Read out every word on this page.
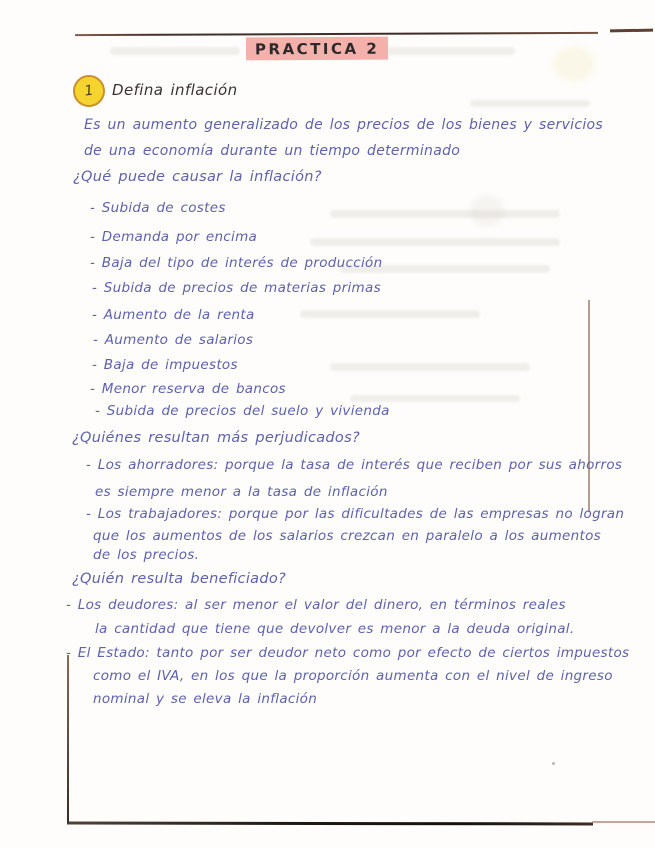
PRACTICA 2
1 Defina inflación
Es un aumento generalizado de los precios de los bienes y servicios
de una economía durante un tiempo determinado
¿Qué puede causar la inflación?
- Subida de costes
- Demanda por encima
- Baja del tipo de interés de producción
- Subida de precios de materias primas
- Aumento de la renta
- Aumento de salarios
- Baja de impuestos
- Menor reserva de bancos
- Subida de precios del suelo y vivienda
¿Quiénes resultan más perjudicados?
- Los ahorradores: porque la tasa de interés que reciben por sus ahorros
es siempre menor a la tasa de inflación
- Los trabajadores: porque por las dificultades de las empresas no logran
que los aumentos de los salarios crezcan en paralelo a los aumentos
de los precios.
¿Quién resulta beneficiado?
- Los deudores: al ser menor el valor del dinero, en términos reales
la cantidad que tiene que devolver es menor a la deuda original.
- El Estado: tanto por ser deudor neto como por efecto de ciertos impuestos
como el IVA, en los que la proporción aumenta con el nivel de ingreso
nominal y se eleva la inflación
